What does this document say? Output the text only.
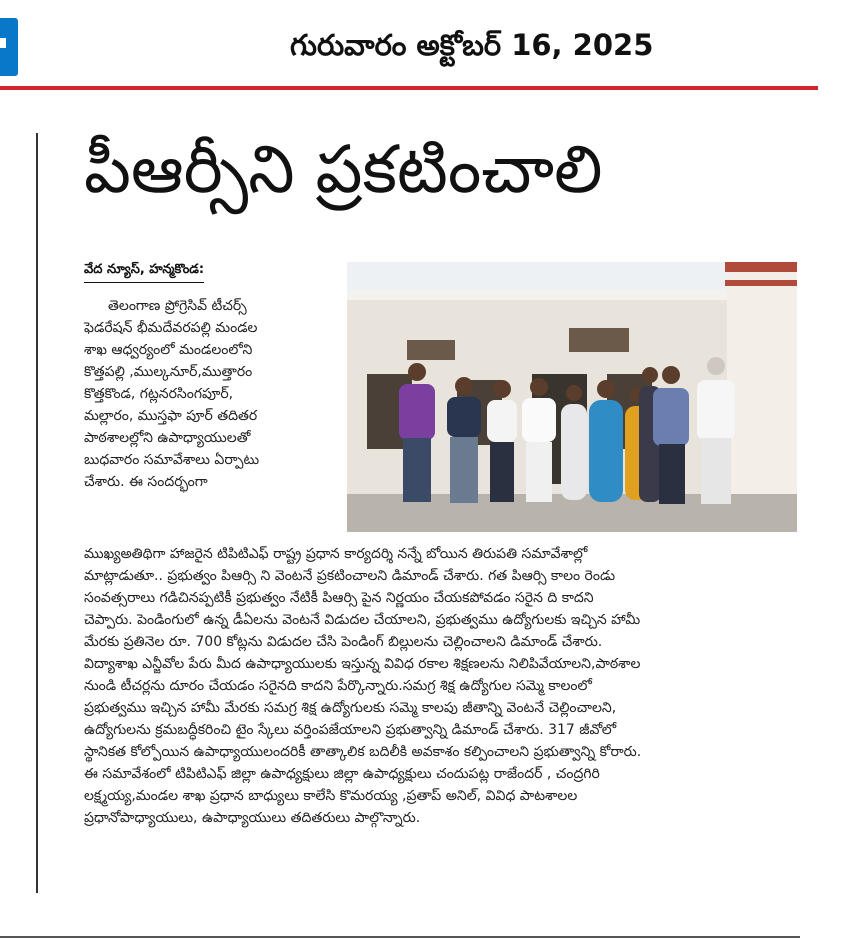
గురువారం అక్టోబర్ 16, 2025
పీఆర్సీని ప్రకటించాలి
వేద న్యూస్, హన్మకొండ:
తెలంగాణ ప్రోగ్రెసివ్ టీచర్స్
ఫెడరేషన్ భీమదేవరపల్లి మండల
శాఖ ఆధ్వర్యంలో మండలంలోని
కొత్తపల్లి ,ముల్కనూర్,ముత్తారం
కొత్తకొండ, గట్లనరసింగపూర్,
మల్లారం, ముస్తఫా పూర్ తదితర
పాఠశాలల్లోని ఉపాధ్యాయులతో
బుధవారం సమావేశాలు ఏర్పాటు
చేశారు. ఈ సందర్భంగా
ముఖ్యఅతిథిగా హాజరైన టిపిటిఎఫ్ రాష్ట్ర ప్రధాన కార్యదర్శి నన్నే బోయిన తిరుపతి సమావేశాల్లో
మాట్లాడుతూ.. ప్రభుత్వం పిఆర్సి ని వెంటనే ప్రకటించాలని డిమాండ్ చేశారు. గత పిఆర్సి కాలం రెండు
సంవత్సరాలు గడిచినప్పటికీ ప్రభుత్వం నేటికీ పిఆర్సి పైన నిర్ణయం చేయకపోవడం సరైన ది కాదని
చెప్పారు. పెండింగులో ఉన్న డీఏలను వెంటనే విడుదల చేయాలని, ప్రభుత్వము ఉద్యోగులకు ఇచ్చిన హామీ
మేరకు ప్రతినెల రూ. 700 కోట్లను విడుదల చేసి పెండింగ్ బిల్లులను చెల్లించాలని డిమాండ్ చేశారు.
విద్యాశాఖ ఎన్జీవోల పేరు మీద ఉపాధ్యాయులకు ఇస్తున్న వివిధ రకాల శిక్షణలను నిలిపివేయాలని,పాఠశాల
నుండి టీచర్లను దూరం చేయడం సరైనది కాదని పేర్కొన్నారు.సమగ్ర శిక్ష ఉద్యోగుల సమ్మె కాలంలో
ప్రభుత్వము ఇచ్చిన హామీ మేరకు సమగ్ర శిక్ష ఉద్యోగులకు సమ్మె కాలపు జీతాన్ని వెంటనే చెల్లించాలని,
ఉద్యోగులను క్రమబద్ధీకరించి టైం స్కేలు వర్తింపజేయాలని ప్రభుత్వాన్ని డిమాండ్ చేశారు. 317 జీవోలో
స్థానికత కోల్పోయిన ఉపాధ్యాయులందరికీ తాత్కాలిక బదిలీకి అవకాశం కల్పించాలని ప్రభుత్వాన్ని కోరారు.
ఈ సమావేశంలో టిపిటిఎఫ్ జిల్లా ఉపాధ్యక్షులు జిల్లా ఉపాధ్యక్షులు చందుపట్ల రాజేందర్ , చంద్రగిరి
లక్ష్మయ్య,మండల శాఖ ప్రధాన బాధ్యులు కాలేసి కొమరయ్య ,ప్రతాప్ అనిల్, వివిధ పాటశాలల
ప్రధానోపాధ్యాయులు, ఉపాధ్యాయులు తదితరులు పాల్గొన్నారు.
